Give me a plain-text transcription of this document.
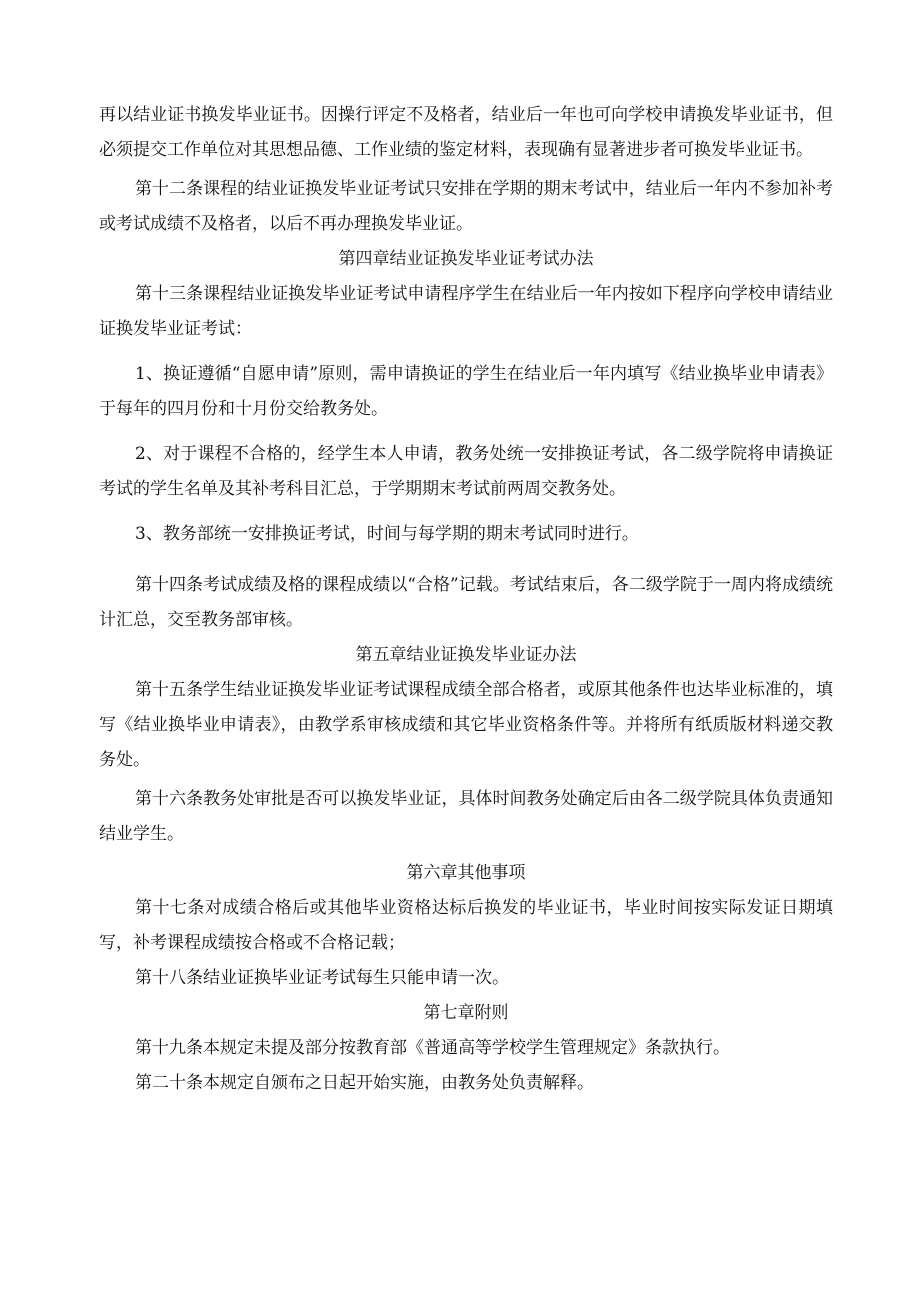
再以结业证书换发毕业证书。因操行评定不及格者，结业后一年也可向学校申请换发毕业证书，但必须提交工作单位对其思想品德、工作业绩的鉴定材料，表现确有显著进步者可换发毕业证书。

第十二条课程的结业证换发毕业证考试只安排在学期的期末考试中，结业后一年内不参加补考或考试成绩不及格者，以后不再办理换发毕业证。

第四章结业证换发毕业证考试办法

第十三条课程结业证换发毕业证考试申请程序学生在结业后一年内按如下程序向学校申请结业证换发毕业证考试：

1、换证遵循“自愿申请”原则，需申请换证的学生在结业后一年内填写《结业换毕业申请表》于每年的四月份和十月份交给教务处。

2、对于课程不合格的，经学生本人申请，教务处统一安排换证考试，各二级学院将申请换证考试的学生名单及其补考科目汇总，于学期期末考试前两周交教务处。

3、教务部统一安排换证考试，时间与每学期的期末考试同时进行。

第十四条考试成绩及格的课程成绩以“合格”记载。考试结束后，各二级学院于一周内将成绩统计汇总，交至教务部审核。

第五章结业证换发毕业证办法

第十五条学生结业证换发毕业证考试课程成绩全部合格者，或原其他条件也达毕业标准的，填写《结业换毕业申请表》，由教学系审核成绩和其它毕业资格条件等。并将所有纸质版材料递交教务处。

第十六条教务处审批是否可以换发毕业证，具体时间教务处确定后由各二级学院具体负责通知结业学生。

第六章其他事项

第十七条对成绩合格后或其他毕业资格达标后换发的毕业证书，毕业时间按实际发证日期填写，补考课程成绩按合格或不合格记载；

第十八条结业证换毕业证考试每生只能申请一次。

第七章附则

第十九条本规定未提及部分按教育部《普通高等学校学生管理规定》条款执行。

第二十条本规定自颁布之日起开始实施，由教务处负责解释。
